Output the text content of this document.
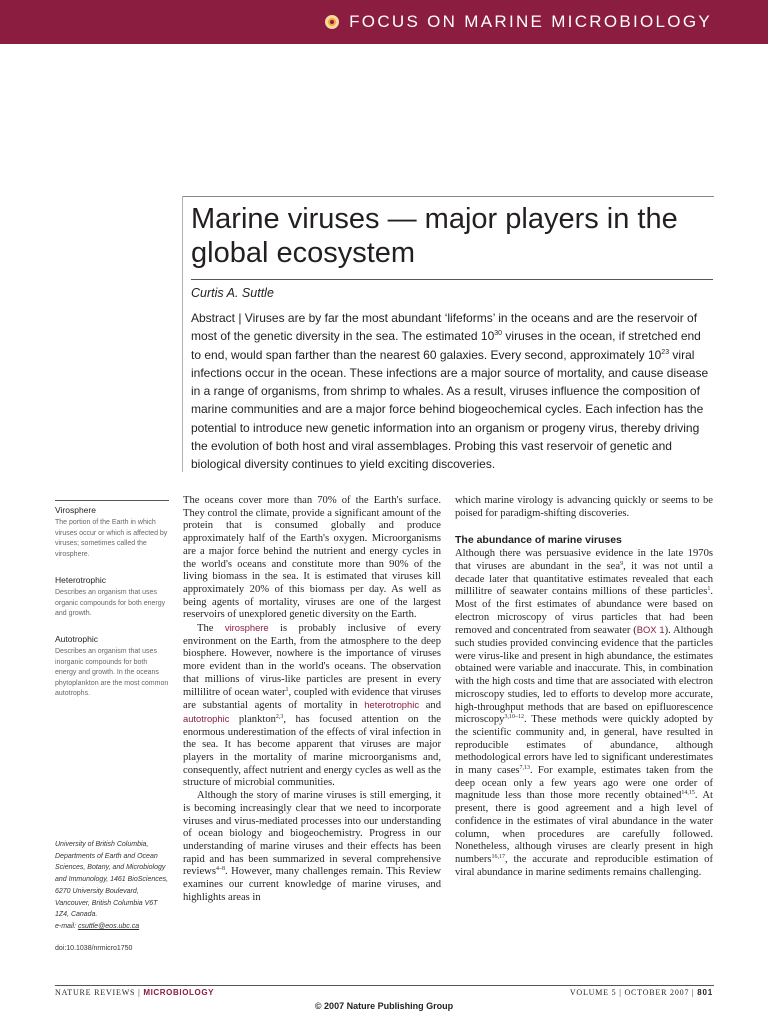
FOCUS ON MARINE MICROBIOLOGY
Marine viruses — major players in the global ecosystem
Curtis A. Suttle
Abstract | Viruses are by far the most abundant ‘lifeforms’ in the oceans and are the reservoir of most of the genetic diversity in the sea. The estimated $10^{30}$ viruses in the ocean, if stretched end to end, would span farther than the nearest 60 galaxies. Every second, approximately $10^{23}$ viral infections occur in the ocean. These infections are a major source of mortality, and cause disease in a range of organisms, from shrimp to whales. As a result, viruses influence the composition of marine communities and are a major force behind biogeochemical cycles. Each infection has the potential to introduce new genetic information into an organism or progeny virus, thereby driving the evolution of both host and viral assemblages. Probing this vast reservoir of genetic and biological diversity continues to yield exciting discoveries.
Virosphere
The portion of the Earth in which viruses occur or which is affected by viruses; sometimes called the virosphere.
Heterotrophic
Describes an organism that uses organic compounds for both energy and growth.
Autotrophic
Describes an organism that uses inorganic compounds for both energy and growth. In the oceans phytoplankton are the most common autotrophs.
University of British Columbia, Departments of Earth and Ocean Sciences, Botany, and Microbiology and Immunology, 1461 BioSciences, 6270 University Boulevard, Vancouver, British Columbia V6T 1Z4, Canada.
e-mail: csuttle@eos.ubc.ca
doi:10.1038/nrmicro1750

The oceans cover more than 70% of the Earth's surface. They control the climate, provide a significant amount of the protein that is consumed globally and produce approximately half of the Earth's oxygen. Microorganisms are a major force behind the nutrient and energy cycles in the world's oceans and constitute more than 90% of the living biomass in the sea. It is estimated that viruses kill approximately 20% of this biomass per day. As well as being agents of mortality, viruses are one of the largest reservoirs of unexplored genetic diversity on the Earth.

The virosphere is probably inclusive of every environment on the Earth, from the atmosphere to the deep biosphere. However, nowhere is the importance of viruses more evident than in the world's oceans. The observation that millions of virus-like particles are present in every millilitre of ocean water$^1$, coupled with evidence that viruses are substantial agents of mortality in heterotrophic and autotrophic plankton$^{2,3}$, has focused attention on the enormous underestimation of the effects of viral infection in the sea. It has become apparent that viruses are major players in the mortality of marine microorganisms and, consequently, affect nutrient and energy cycles as well as the structure of microbial communities.

Although the story of marine viruses is still emerging, it is becoming increasingly clear that we need to incorporate viruses and virus-mediated processes into our understanding of ocean biology and biogeochemistry. Progress in our understanding of marine viruses and their effects has been rapid and has been summarized in several comprehensive reviews$^{4-8}$. However, many challenges remain. This Review examines our current knowledge of marine viruses, and highlights areas in

which marine virology is advancing quickly or seems to be poised for paradigm-shifting discoveries.

The abundance of marine viruses

Although there was persuasive evidence in the late 1970s that viruses are abundant in the sea$^9$, it was not until a decade later that quantitative estimates revealed that each millilitre of seawater contains millions of these particles$^1$. Most of the first estimates of abundance were based on electron microscopy of virus particles that had been removed and concentrated from seawater (BOX 1). Although such studies provided convincing evidence that the particles were virus-like and present in high abundance, the estimates obtained were variable and inaccurate. This, in combination with the high costs and time that are associated with electron microscopy studies, led to efforts to develop more accurate, high-throughput methods that are based on epifluorescence microscopy$^{3,10-12}$. These methods were quickly adopted by the scientific community and, in general, have resulted in reproducible estimates of abundance, although methodological errors have led to significant underestimates in many cases$^{7,13}$. For example, estimates taken from the deep ocean only a few years ago were one order of magnitude less than those more recently obtained$^{14,15}$. At present, there is good agreement and a high level of confidence in the estimates of viral abundance in the water column, when procedures are carefully followed. Nonetheless, although viruses are clearly present in high numbers$^{16,17}$, the accurate and reproducible estimation of viral abundance in marine sediments remains challenging.

NATURE REVIEWS | MICROBIOLOGY	VOLUME 5 | OCTOBER 2007 | 801
© 2007 Nature Publishing Group
